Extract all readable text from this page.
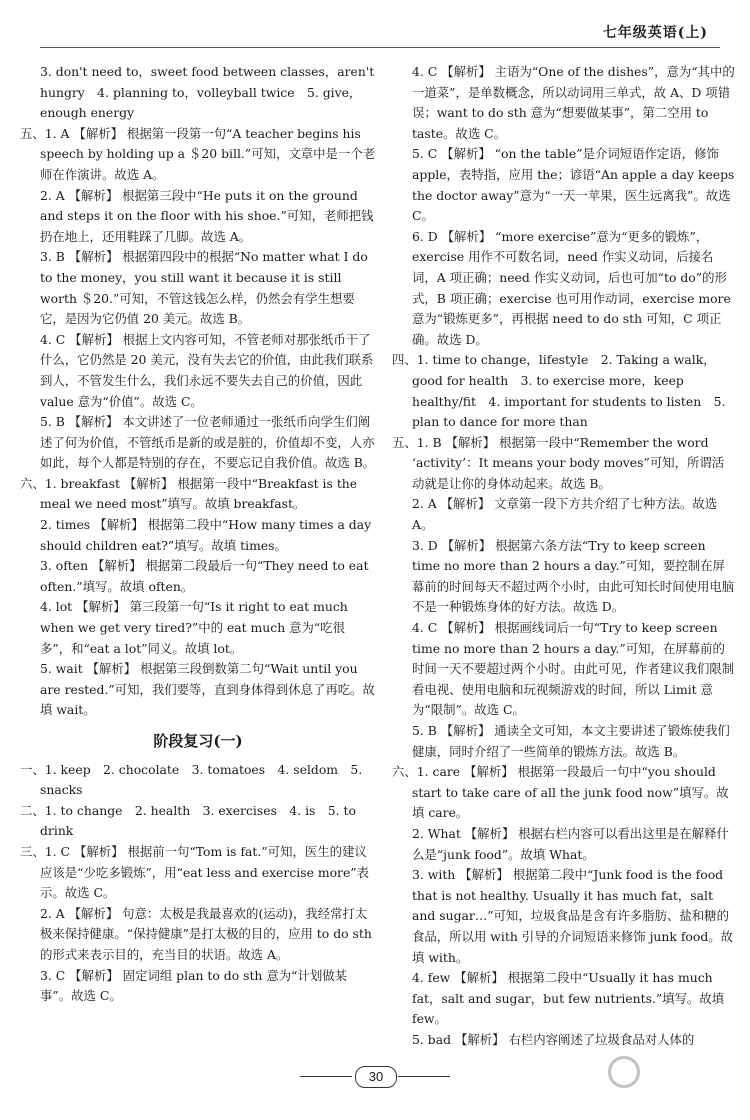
七年级英语(上)

3. don't need to，sweet food between classes，aren't hungry　4. planning to，volleyball twice　5. give，enough energy

五、1. A 【解析】 根据第一段第一句“A teacher begins his speech by holding up a ＄20 bill.”可知，文章中是一个老师在作演讲。故选 A。

2. A 【解析】 根据第三段中“He puts it on the ground and steps it on the floor with his shoe.”可知，老师把钱扔在地上，还用鞋踩了几脚。故选 A。

3. B 【解析】 根据第四段中的根据“No matter what I do to the money，you still want it because it is still worth ＄20.”可知，不管这钱怎么样，仍然会有学生想要它，是因为它仍值 20 美元。故选 B。

4. C 【解析】 根据上文内容可知，不管老师对那张纸币干了什么，它仍然是 20 美元，没有失去它的价值，由此我们联系到人，不管发生什么，我们永远不要失去自己的价值，因此 value 意为“价值”。故选 C。

5. B 【解析】 本文讲述了一位老师通过一张纸币向学生们阐述了何为价值，不管纸币是新的或是脏的，价值却不变，人亦如此，每个人都是特别的存在，不要忘记自我价值。故选 B。

六、1. breakfast 【解析】 根据第一段中“Breakfast is the meal we need most”填写。故填 breakfast。

2. times 【解析】 根据第二段中“How many times a day should children eat?”填写。故填 times。

3. often 【解析】 根据第二段最后一句“They need to eat often.”填写。故填 often。

4. lot 【解析】 第三段第一句“Is it right to eat much when we get very tired?”中的 eat much 意为“吃很多”，和“eat a lot”同义。故填 lot。

5. wait 【解析】 根据第三段倒数第二句“Wait until you are rested.”可知，我们要等，直到身体得到休息了再吃。故填 wait。

阶段复习(一)

一、1. keep　2. chocolate　3. tomatoes　4. seldom　5. snacks

二、1. to change　2. health　3. exercises　4. is　5. to drink

三、1. C 【解析】 根据前一句“Tom is fat.”可知，医生的建议应该是“少吃多锻炼”，用“eat less and exercise more”表示。故选 C。

2. A 【解析】 句意：太极是我最喜欢的(运动)，我经常打太极来保持健康。“保持健康”是打太极的目的，应用 to do sth 的形式来表示目的，充当目的状语。故选 A。

3. C 【解析】 固定词组 plan to do sth 意为“计划做某事”。故选 C。

4. C 【解析】 主语为“One of the dishes”，意为“其中的一道菜”，是单数概念，所以动词用三单式，故 A、D 项错误；want to do sth 意为“想要做某事”，第二空用 to taste。故选 C。

5. C 【解析】 “on the table”是介词短语作定语，修饰 apple，表特指，应用 the；谚语“An apple a day keeps the doctor away”意为“一天一苹果，医生远离我”。故选 C。

6. D 【解析】 “more exercise”意为“更多的锻炼”，exercise 用作不可数名词，need 作实义动词，后接名词，A 项正确；need 作实义动词，后也可加“to do”的形式，B 项正确；exercise 也可用作动词，exercise more 意为“锻炼更多”，再根据 need to do sth 可知，C 项正确。故选 D。

四、1. time to change，lifestyle　2. Taking a walk，good for health　3. to exercise more，keep healthy/fit　4. important for students to listen　5. plan to dance for more than

五、1. B 【解析】 根据第一段中“Remember the word ‘activity’：It means your body moves”可知，所谓活动就是让你的身体动起来。故选 B。

2. A 【解析】 文章第一段下方共介绍了七种方法。故选 A。

3. D 【解析】 根据第六条方法“Try to keep screen time no more than 2 hours a day.”可知，要控制在屏幕前的时间每天不超过两个小时，由此可知长时间使用电脑不是一种锻炼身体的好方法。故选 D。

4. C 【解析】 根据画线词后一句“Try to keep screen time no more than 2 hours a day.”可知，在屏幕前的时间一天不要超过两个小时。由此可见，作者建议我们限制看电视、使用电脑和玩视频游戏的时间，所以 Limit 意为“限制”。故选 C。

5. B 【解析】 通读全文可知，本文主要讲述了锻炼使我们健康，同时介绍了一些简单的锻炼方法。故选 B。

六、1. care 【解析】 根据第一段最后一句中“you should start to take care of all the junk food now”填写。故填 care。

2. What 【解析】 根据右栏内容可以看出这里是在解释什么是“junk food”。故填 What。

3. with 【解析】 根据第二段中“Junk food is the food that is not healthy. Usually it has much fat，salt and sugar…”可知，垃圾食品是含有许多脂肪、盐和糖的食品，所以用 with 引导的介词短语来修饰 junk food。故填 with。

4. few 【解析】 根据第二段中“Usually it has much fat，salt and sugar，but few nutrients.”填写。故填 few。

5. bad 【解析】 右栏内容阐述了垃圾食品对人体的

30
